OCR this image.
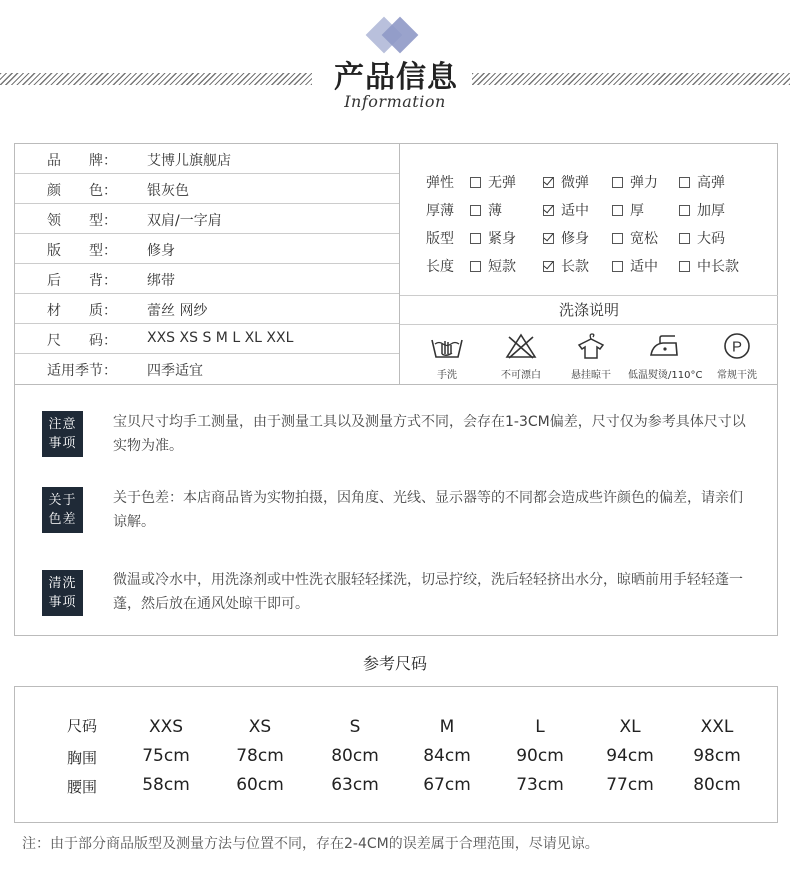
产品信息
Information
品　　牌：	艾博儿旗舰店
颜　　色：	银灰色
领　　型：	双肩/一字肩
版　　型：	修身
后　　背：	绑带
材　　质：	蕾丝 网纱
尺　　码：	XXS XS S M L XL XXL
适用季节：	四季适宜
弹性	无弹	微弹	弹力	高弹
厚薄	薄	适中	厚	加厚
版型	紧身	修身	宽松	大码
长度	短款	长款	适中	中长款
洗涤说明
手洗	不可漂白	悬挂晾干	低温熨烫/110°C
P
常规干洗
注意
事项
宝贝尺寸均手工测量，由于测量工具以及测量方式不同，会存在1-3CM偏差，尺寸仅为参考具体尺寸以实物为准。
关于
色差
关于色差：本店商品皆为实物拍摄，因角度、光线、显示器等的不同都会造成些许颜色的偏差，请亲们谅解。
清洗
事项
微温或冷水中，用洗涤剂或中性洗衣服轻轻揉洗，切忌拧绞，洗后轻轻挤出水分，晾晒前用手轻轻蓬一蓬，然后放在通风处晾干即可。
参考尺码
尺码	XXS	XS	S	M	L	XL	XXL
胸围	75cm	78cm	80cm	84cm	90cm	94cm	98cm
腰围	58cm	60cm	63cm	67cm	73cm	77cm	80cm
注：由于部分商品版型及测量方法与位置不同，存在2-4CM的误差属于合理范围，尽请见谅。
